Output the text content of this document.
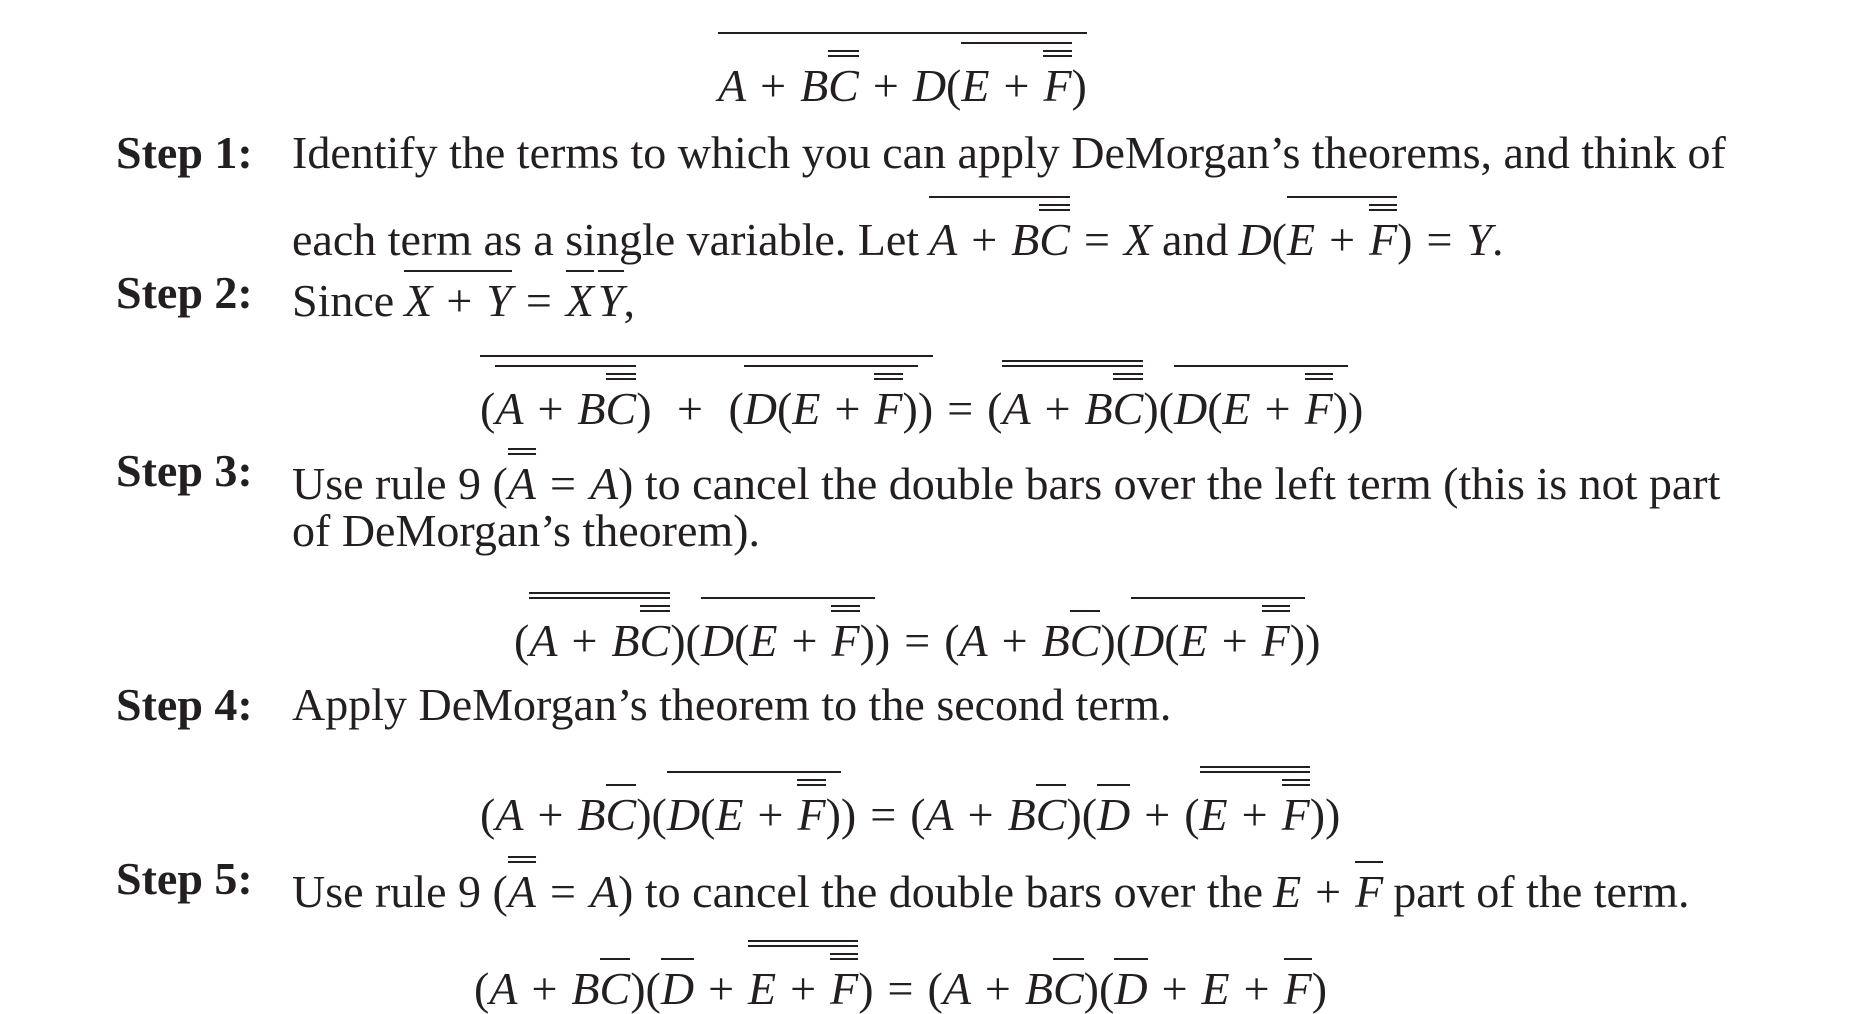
A + BC + D(E + F)
Step 1: Identify the terms to which you can apply DeMorgan’s theorems, and think of
each term as a single variable. Let A + BC = X and D ( E + F ) = Y .
Step 2: Since X + Y = X Y ,
(A + BC) + (D(E + F)) = ( A + BC ) ( D(E + F) )
Step 3: Use rule 9 ( A = A ) to cancel the double bars over the left term (this is not part
of DeMorgan’s theorem).
( A + BC ) ( D(E + F) ) = ( A + B C ) ( D(E + F) )
Step 4: Apply DeMorgan’s theorem to the second term.
( A + B C ) ( D(E + F) ) = ( A + B C ) ( D + ( E + F ) )
Step 5: Use rule 9 ( A = A ) to cancel the double bars over the E + F part of the term.
( A + B C ) ( D + E + F ) = ( A + B C ) ( D + E + F )
